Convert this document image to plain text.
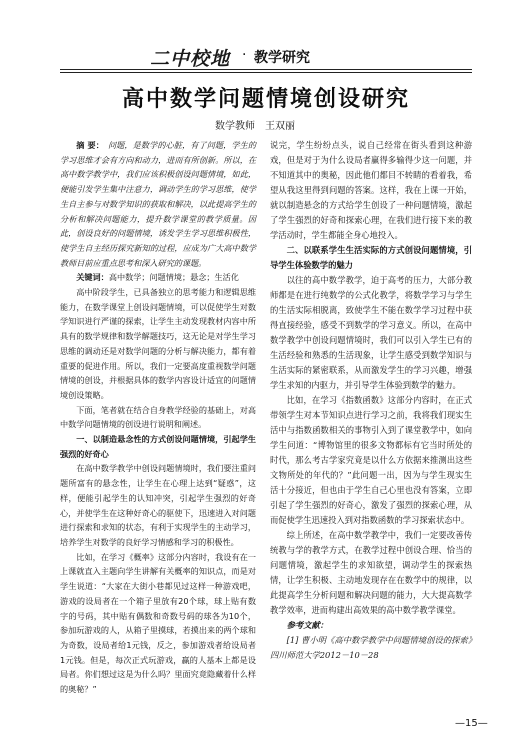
二中校地 · 教学研究
高中数学问题情境创设研究
数学教师 王双丽

摘 要： 问题，是数学的心脏，有了问题，学生的学习思维才会有方向和动力，进而有所创新。所以，在高中数学教学中，我们应该积极创设问题情境，如此，便能引发学生集中注意力，调动学生的学习思维，使学生自主参与对数学知识的获取和解决，以此提高学生的分析和解决问题能力，提升数学课堂的教学质量。因此，创设良好的问题情境，诱发学生学习思维积极性，使学生自主经历探究新知的过程，应成为广大高中数学教师目前应重点思考和深入研究的课题。

关键词：高中数学；问题情境；悬念；生活化

高中阶段学生，已具备独立的思考能力和逻辑思维能力，在数学课堂上创设问题情境，可以促使学生对数学知识进行严谨的探索，让学生主动发现教材内容中所具有的数学规律和数学解题技巧，这无论是对学生学习思维的调动还是对数学问题的分析与解决能力，都有着重要的促进作用。所以，我们一定要高度重视数学问题情境的创设，并根据具体的数学内容设计适宜的问题情境创设策略。

下面，笔者就在结合自身教学经验的基础上，对高中数学问题情境的创设进行说明和阐述。

一、以制造悬念性的方式创设问题情境，引起学生强烈的好奇心

在高中数学教学中创设问题情境时，我们要注重问题所富有的悬念性，让学生在心理上达到“疑惑”，这样，便能引起学生的认知冲突，引起学生强烈的好奇心，并使学生在这种好奇心的驱使下，迅速进入对问题进行探索和求知的状态，有利于实现学生的主动学习，培养学生对数学的良好学习情感和学习的积极性。

比如，在学习《概率》这部分内容时，我设有在一上课就直入主题向学生讲解有关概率的知识点，而是对学生说道：“大家在大街小巷都见过这样一种游戏吧，游戏的设局者在一个箱子里放有20个球，球上贴有数字的号码，其中贴有偶数和奇数号码的球各为10个，参加玩游戏的人，从箱子里摸球，若摸出来的两个球和为奇数，设局者给1元钱，反之，参加游戏者给设局者1元钱。但是，每次正式玩游戏，赢的人基本上都是设局者。你们想过这是为什么吗？里面究竟隐藏着什么样的奥秘？”

说完，学生纷纷点头，说自己经常在街头看到这种游戏，但是对于为什么设局者赢得多输得少这一问题，并不知道其中的奥秘，因此他们都目不转睛的看着我，希望从我这里得到问题的答案。这样，我在上课一开始，就以制造悬念的方式给学生创设了一种问题情境，激起了学生强烈的好奇和探索心理，在我们进行接下来的教学活动时，学生都能全身心地投入。

二、以联系学生生活实际的方式创设问题情境，引导学生体验数学的魅力

以往的高中数学教学，迫于高考的压力，大部分教师都是在进行纯数学的公式化教学，将数学学习与学生的生活实际相脱离，致使学生不能在数学学习过程中获得直接经验，感受不到数学的学习意义。所以，在高中数学教学中创设问题情境时，我们可以引入学生已有的生活经验和熟悉的生活现象，让学生感受到数学知识与生活实际的紧密联系，从而激发学生的学习兴趣，增强学生求知的内驱力，并引导学生体验到数学的魅力。

比如，在学习《指数函数》这部分内容时，在正式带领学生对本节知识点进行学习之前，我将我们现实生活中与指数函数相关的事物引入到了课堂教学中，如向学生问道：“博物馆里的很多文物都标有它当时所处的时代，那么考古学家究竟是以什么方依据来推测出这些文物所处的年代的？”此问题一出，因为与学生现实生活十分接近，但也由于学生自己心里也没有答案，立即引起了学生强烈的好奇心，激发了强烈的探索心理，从而促使学生迅速投入到对指数函数的学习探索状态中。

综上所述，在高中数学教学中，我们一定要改善传统教与学的教学方式，在教学过程中创设合理、恰当的问题情境，激起学生的求知欲望，调动学生的探索热情，让学生积极、主动地发现存在在数学中的规律，以此提高学生分析问题和解决问题的能力，大大提高数学教学效率，进而构建出高效果的高中数学教学课堂。

参考文献：

[1] 曹小明《高中数学教学中问题情境创设的探索》四川师范大学2012－10－28

—15—
